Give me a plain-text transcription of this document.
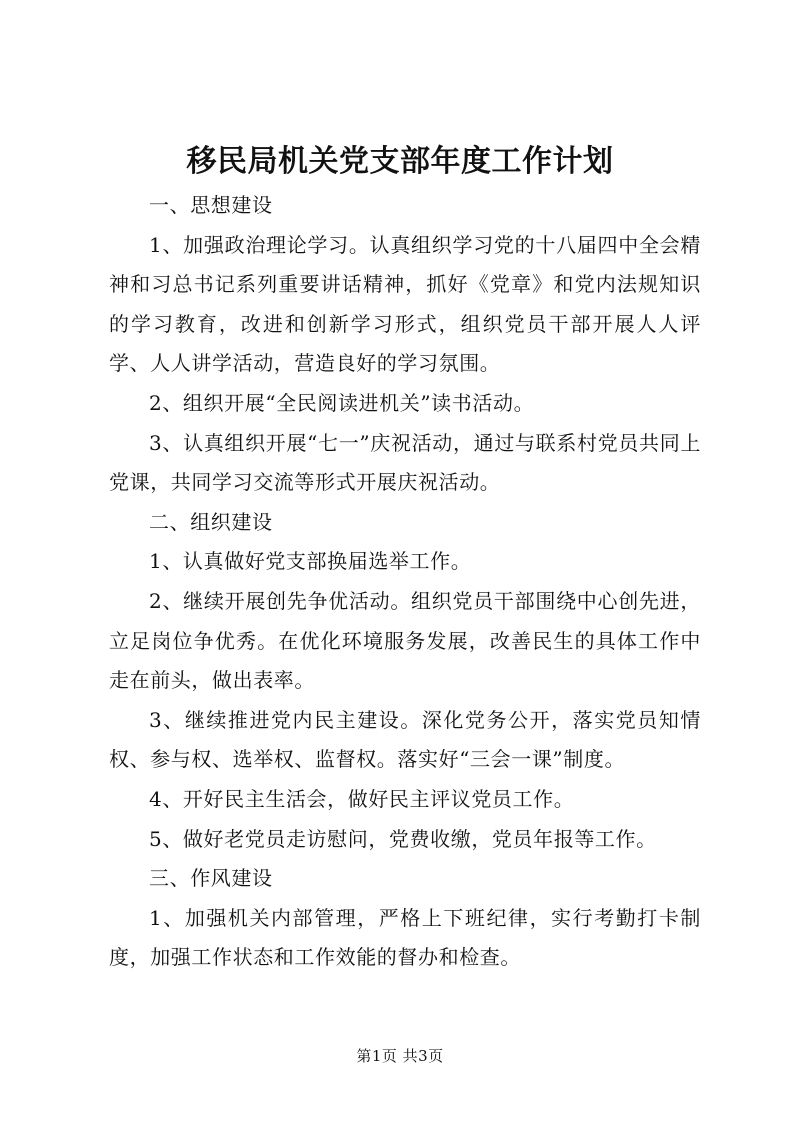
移民局机关党支部年度工作计划

一、思想建设

1、加强政治理论学习。认真组织学习党的十八届四中全会精神和习总书记系列重要讲话精神，抓好《党章》和党内法规知识的学习教育，改进和创新学习形式，组织党员干部开展人人评学、人人讲学活动，营造良好的学习氛围。

2、组织开展“全民阅读进机关”读书活动。

3、认真组织开展“七一”庆祝活动，通过与联系村党员共同上党课，共同学习交流等形式开展庆祝活动。

二、组织建设

1、认真做好党支部换届选举工作。

2、继续开展创先争优活动。组织党员干部围绕中心创先进，立足岗位争优秀。在优化环境服务发展，改善民生的具体工作中走在前头，做出表率。

3、继续推进党内民主建设。深化党务公开，落实党员知情权、参与权、选举权、监督权。落实好“三会一课”制度。

4、开好民主生活会，做好民主评议党员工作。

5、做好老党员走访慰问，党费收缴，党员年报等工作。

三、作风建设

1、加强机关内部管理，严格上下班纪律，实行考勤打卡制度，加强工作状态和工作效能的督办和检查。

第1页 共3页
